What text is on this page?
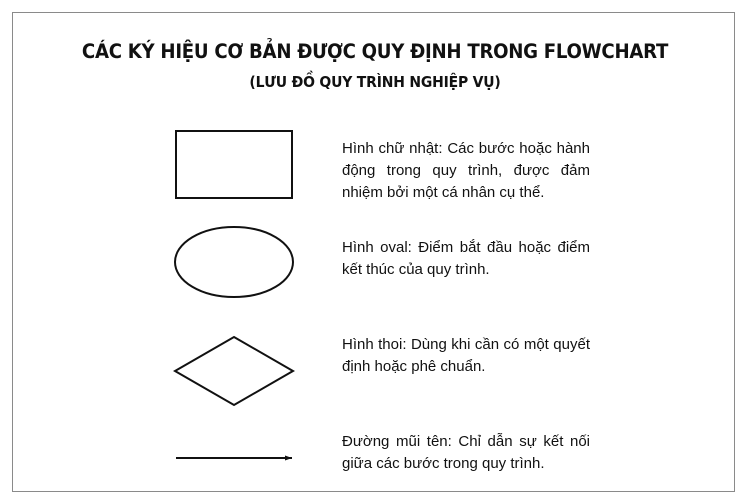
CÁC KÝ HIỆU CƠ BẢN ĐƯỢC QUY ĐỊNH TRONG FLOWCHART
(LƯU ĐỒ QUY TRÌNH NGHIỆP VỤ)
Hình chữ nhật: Các bước hoặc hành động trong quy trình, được đảm nhiệm bởi một cá nhân cụ thể.
Hình oval: Điểm bắt đầu hoặc điểm kết thúc của quy trình.
Hình thoi: Dùng khi cần có một quyết định hoặc phê chuẩn.
Đường mũi tên: Chỉ dẫn sự kết nối giữa các bước trong quy trình.
